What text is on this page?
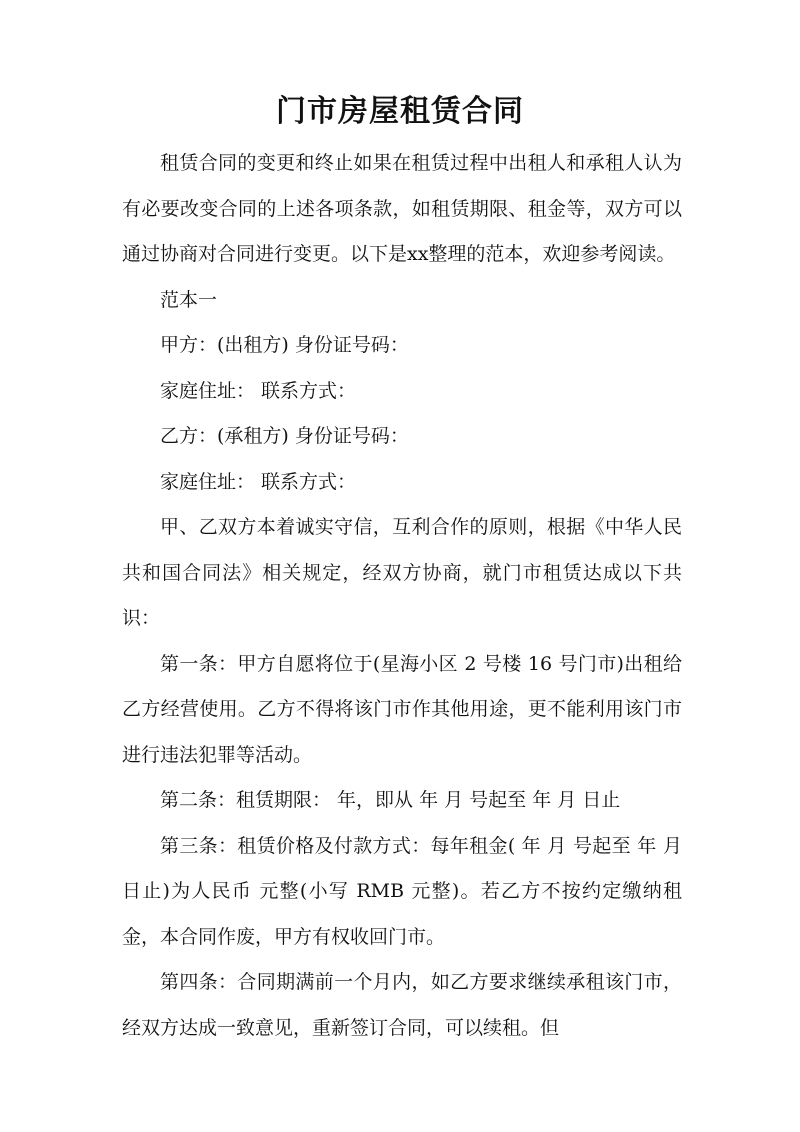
门市房屋租赁合同

租赁合同的变更和终止如果在租赁过程中出租人和承租人认为有必要改变合同的上述各项条款，如租赁期限、租金等，双方可以通过协商对合同进行变更。以下是xx整理的范本，欢迎参考阅读。

范本一

甲方：(出租方) 身份证号码：

家庭住址： 联系方式：

乙方：(承租方) 身份证号码：

家庭住址： 联系方式：

甲、乙双方本着诚实守信，互利合作的原则，根据《中华人民共和国合同法》相关规定，经双方协商，就门市租赁达成以下共识：

第一条：甲方自愿将位于(星海小区 2 号楼 16 号门市)出租给乙方经营使用。乙方不得将该门市作其他用途，更不能利用该门市进行违法犯罪等活动。

第二条：租赁期限： 年，即从 年 月 号起至 年 月 日止

第三条：租赁价格及付款方式：每年租金( 年 月 号起至 年 月 日止)为人民币 元整(小写 RMB 元整)。若乙方不按约定缴纳租金，本合同作废，甲方有权收回门市。

第四条：合同期满前一个月内，如乙方要求继续承租该门市，经双方达成一致意见，重新签订合同，可以续租。但
